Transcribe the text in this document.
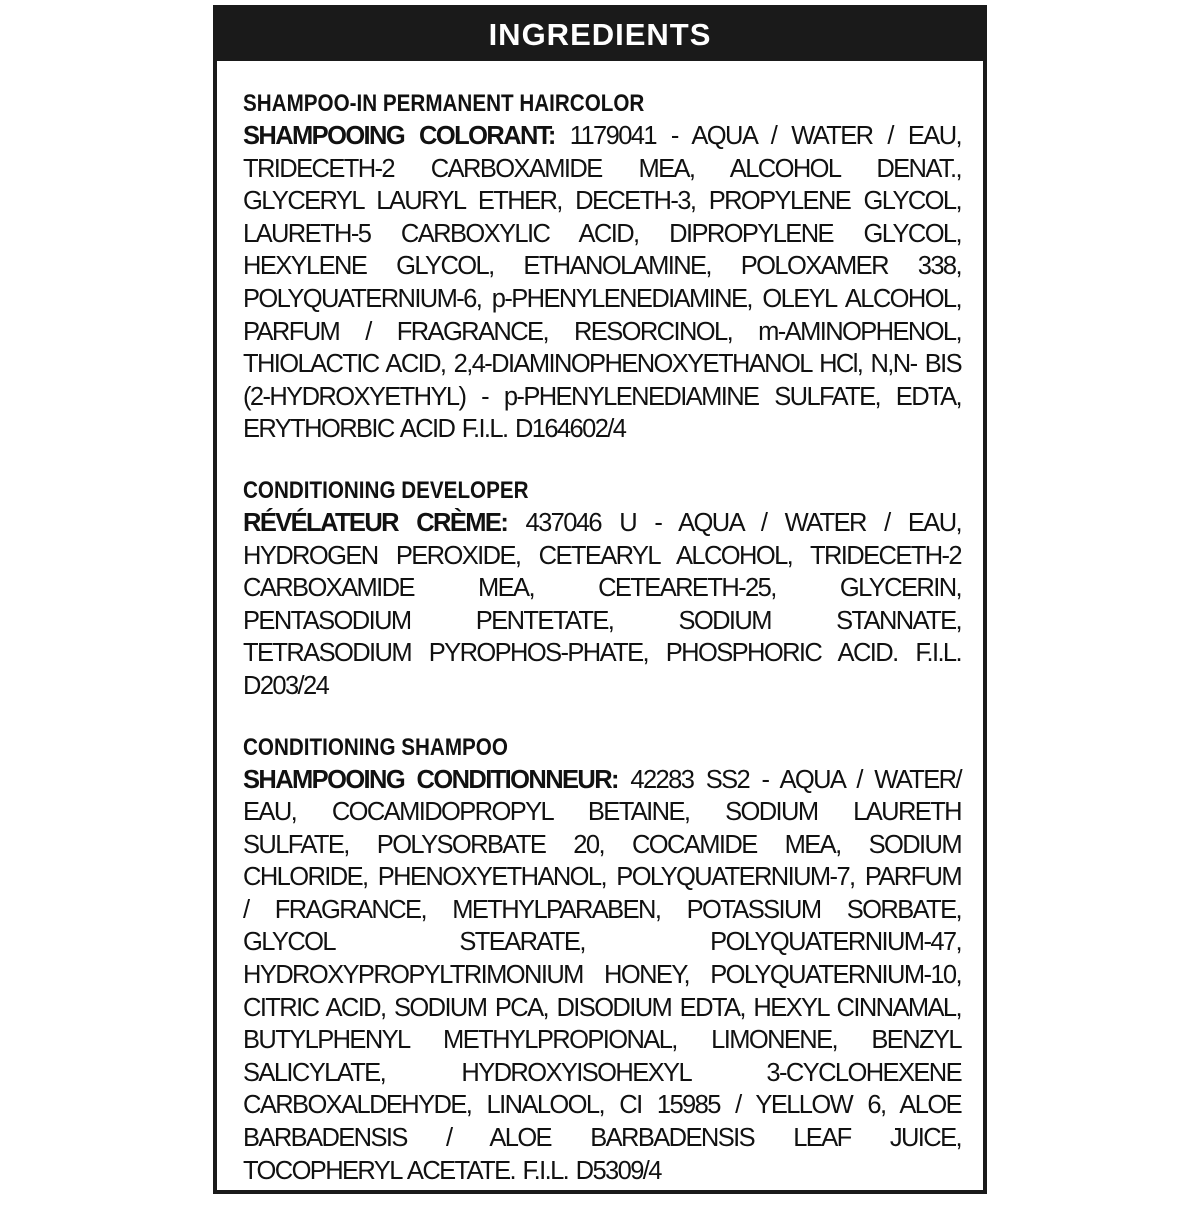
INGREDIENTS
SHAMPOO-IN PERMANENT HAIRCOLOR
SHAMPOOING COLORANT: 1179041 - AQUA / WATER / EAU, TRIDECETH-2 CARBOXAMIDE MEA, ALCOHOL DENAT., GLYCERYL LAURYL ETHER, DECETH-3, PROPYLENE GLYCOL, LAURETH-5 CARBOXYLIC ACID, DIPROPYLENE GLYCOL, HEXYLENE GLYCOL, ETHANOLAMINE, POLOXAMER 338, POLYQUATERNIUM-6, p-PHENYLENEDIAMINE, OLEYL ALCOHOL, PARFUM / FRAGRANCE, RESORCINOL, m-AMINOPHENOL, THIOLACTIC ACID, 2,4-DIAMINOPHENOXYETHANOL HCl, N,N- BIS (2-HYDROXYETHYL) - p-PHENYLENEDIAMINE SULFATE, EDTA, ERYTHORBIC ACID F.I.L. D164602/4
CONDITIONING DEVELOPER
RÉVÉLATEUR CRÈME: 437046 U - AQUA / WATER / EAU, HYDROGEN PEROXIDE, CETEARYL ALCOHOL, TRIDECETH-2 CARBOXAMIDE MEA, CETEARETH-25, GLYCERIN, PENTASODIUM PENTETATE, SODIUM STANNATE, TETRASODIUM PYROPHOS-PHATE, PHOSPHORIC ACID. F.I.L. D203/24
CONDITIONING SHAMPOO
SHAMPOOING CONDITIONNEUR: 42283 SS2 - AQUA / WATER/ EAU, COCAMIDOPROPYL BETAINE, SODIUM LAURETH SULFATE, POLYSORBATE 20, COCAMIDE MEA, SODIUM CHLORIDE, PHENOXYETHANOL, POLYQUATERNIUM-7, PARFUM / FRAGRANCE, METHYLPARABEN, POTASSIUM SORBATE, GLYCOL STEARATE, POLYQUATERNIUM-47, HYDROXYPROPYLTRIMONIUM HONEY, POLYQUATERNIUM-10, CITRIC ACID, SODIUM PCA, DISODIUM EDTA, HEXYL CINNAMAL, BUTYLPHENYL METHYLPROPIONAL, LIMONENE, BENZYL SALICYLATE, HYDROXYISOHEXYL 3-CYCLOHEXENE CARBOXALDEHYDE, LINALOOL, CI 15985 / YELLOW 6, ALOE BARBADENSIS / ALOE BARBADENSIS LEAF JUICE, TOCOPHERYL ACETATE. F.I.L. D5309/4
